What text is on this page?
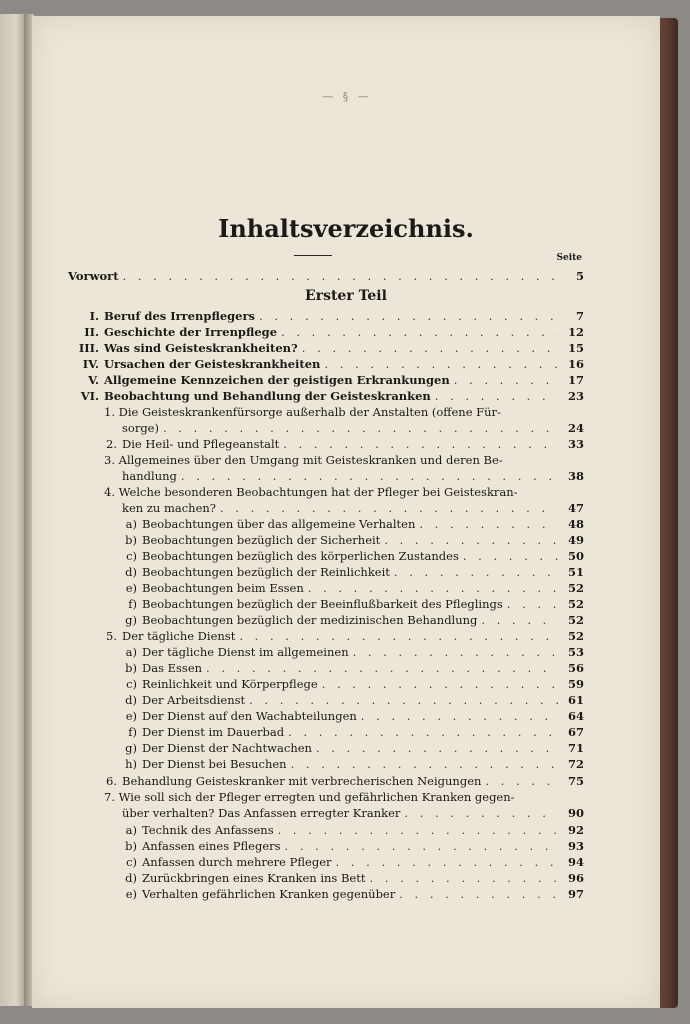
— § —
Inhaltsverzeichnis.
Seite
Vorwort . . .	5
Erster Teil
I. Beruf des Irrenpflegers . . .	7
II. Geschichte der Irrenpflege . . .	12
III. Was sind Geisteskrankheiten? . . .	15
IV. Ursachen der Geisteskrankheiten . . .	16
V. Allgemeine Kennzeichen der geistigen Erkrankungen . . .	17
VI. Beobachtung und Behandlung der Geisteskranken . . .	23
1. Die Geisteskrankenfürsorge außerhalb der Anstalten (offene Für-
sorge) . . .	24
2. Die Heil- und Pflegeanstalt . . .	33
3. Allgemeines über den Umgang mit Geisteskranken und deren Be-
handlung . . .	38
4. Welche besonderen Beobachtungen hat der Pfleger bei Geisteskran-
ken zu machen? . . .	47
a) Beobachtungen über das allgemeine Verhalten . . .	48
b) Beobachtungen bezüglich der Sicherheit . . .	49
c) Beobachtungen bezüglich des körperlichen Zustandes . . .	50
d) Beobachtungen bezüglich der Reinlichkeit . . .	51
e) Beobachtungen beim Essen . . .	52
f) Beobachtungen bezüglich der Beeinflußbarkeit des Pfleglings . . .	52
g) Beobachtungen bezüglich der medizinischen Behandlung . . .	52
5. Der tägliche Dienst . . .	52
a) Der tägliche Dienst im allgemeinen . . .	53
b) Das Essen . . .	56
c) Reinlichkeit und Körperpflege . . .	59
d) Der Arbeitsdienst . . .	61
e) Der Dienst auf den Wachabteilungen . . .	64
f) Der Dienst im Dauerbad . . .	67
g) Der Dienst der Nachtwachen . . .	71
h) Der Dienst bei Besuchen . . .	72
6. Behandlung Geisteskranker mit verbrecherischen Neigungen . . .	75
7. Wie soll sich der Pfleger erregten und gefährlichen Kranken gegen-
über verhalten? Das Anfassen erregter Kranker . . .	90
a) Technik des Anfassens . . .	92
b) Anfassen eines Pflegers . . .	93
c) Anfassen durch mehrere Pfleger . . .	94
d) Zurückbringen eines Kranken ins Bett . . .	96
e) Verhalten gefährlichen Kranken gegenüber . . .	97
